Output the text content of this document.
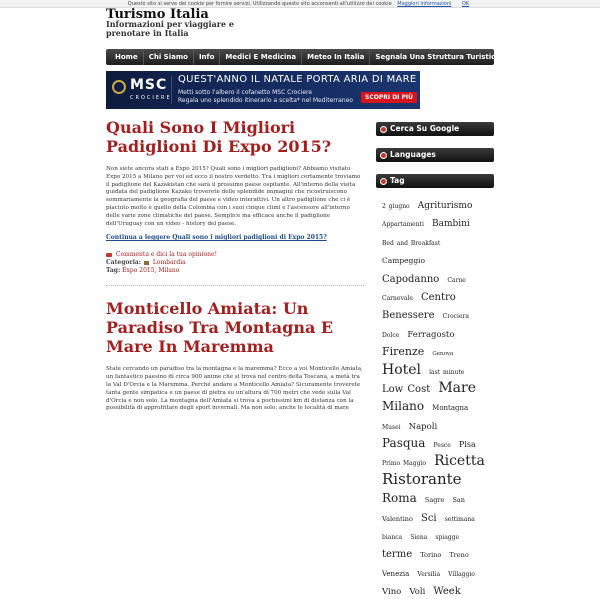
Questo sito si serve dei cookie per fornire servizi. Utilizzando questo sito acconsenti all'utilizzo dei cookie Maggiori informazioni OK
Turismo Italia
Informazioni per viaggiare e prenotare in Italia
Home	Chi Siamo	Info	Medici E Medicina	Meteo In Italia	Segnala Una Struttura Turistica
MSC
CROCIERE
QUEST'ANNO IL NATALE PORTA ARIA DI MARE
Metti sotto l'albero il cofanetto MSC Crociere
Regala uno splendido itinerario a scelta* nel Mediterraneo	SCOPRI DI PIÙ
Quali Sono I Migliori Padiglioni Di Expo 2015?

Non siete ancora stati a Expo 2015? Quali sono i migliori padiglioni? Abbiamo visitato Expo 2015 a Milano per voi ed ecco il nostro verdetto. Tra i migliori certamente troviamo il padiglione del Kazakistan che sarà il prossimo paese ospitante. All'interno della visita guidata del padiglione Kazako troverete delle splendide immagini che ricostruiscono sommariamente la geografia del paese e video interattivi. Un altro padiglione che ci è piaciuto molto è quello della Colombia con i suoi cinque climi e l'ascensore all'interno delle varie zone climatiche del paese. Semplice ma efficace anche il padiglione dell'Uruguay con un video - history del paese.

Continua a leggere Quali sono i migliori padiglioni di Expo 2015?
Commenta e dici la tua opinione!
Categoria: Lombardia
Tag: Expo 2015, Milano
Monticello Amiata: Un Paradiso Tra Montagna E Mare In Maremma

State cercando un paradiso tra la montagna e la maremma? Ecco a voi Monticello Amiata, un fantastico paesino di circa 900 anime che si trova nel centro della Toscana, a metà tra la Val D'Orcia e la Maremma. Perché andare a Monticello Amiata? Sicuramente troverete tanta gente simpatica e un paese di pietra su un'altura di 700 metri che vede sulla Val d'Orcia e non solo. La montagna dell'Amiata si trova a pochissimi km di distanza con la possibilità di approfittare degli sport invernali. Ma non solo: anche le località di mare

Cerca Su Google
Languages
Tag
2 giugno Agriturismo Appartamenti Bambini Bed and Breakfast Campeggio Capodanno Carne Carnevale Centro Benessere Crociera Dolce Ferragosto Firenze Genova Hotel last minute Low Cost Mare Milano Montagna Musei Napoli Pasqua Pesce Pisa Primo Maggio Ricetta Ristorante Roma Sagre San Valentino Sci settimana bianca Siena spiagge terme Torino Treno Venezia Versilia Villaggio Vino Voli Week
